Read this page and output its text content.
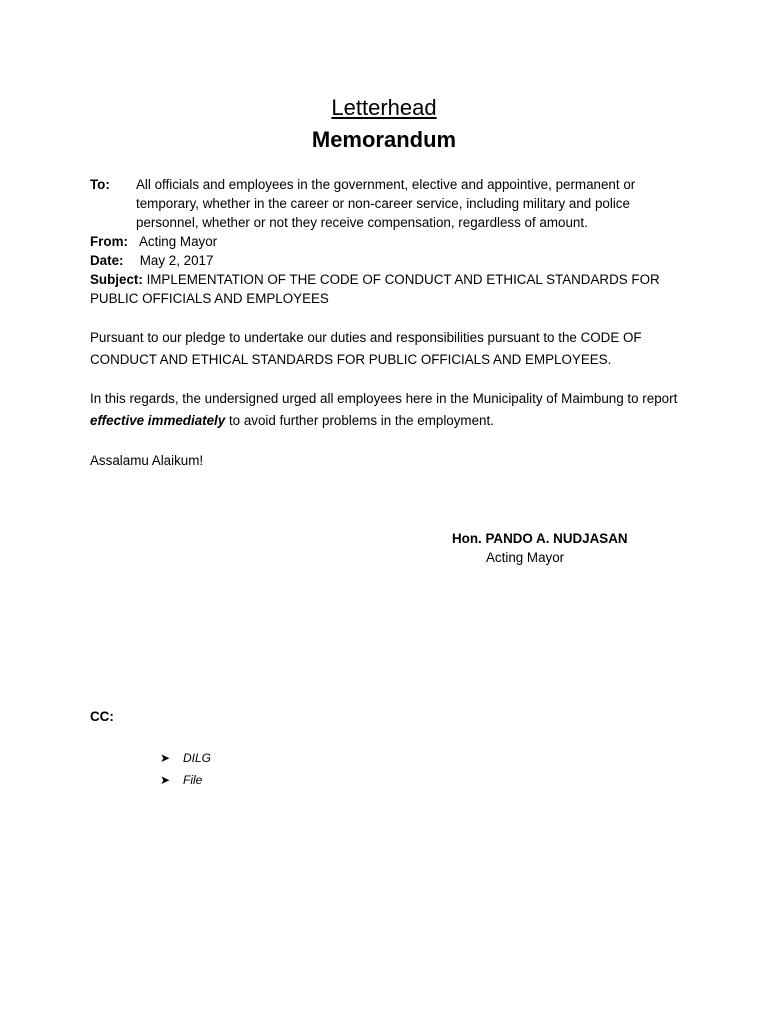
Letterhead
Memorandum
To: All officials and employees in the government, elective and appointive, permanent or temporary, whether in the career or non-career service, including military and police personnel, whether or not they receive compensation, regardless of amount.
From: Acting Mayor
Date: May 2, 2017
Subject: IMPLEMENTATION OF THE CODE OF CONDUCT AND ETHICAL STANDARDS FOR PUBLIC OFFICIALS AND EMPLOYEES
Pursuant to our pledge to undertake our duties and responsibilities pursuant to the CODE OF CONDUCT AND ETHICAL STANDARDS FOR PUBLIC OFFICIALS AND EMPLOYEES.
In this regards, the undersigned urged all employees here in the Municipality of Maimbung to report effective immediately to avoid further problems in the employment.
Assalamu Alaikum!
Hon. PANDO A. NUDJASAN
Acting Mayor
CC:
➤	DILG
➤	File
